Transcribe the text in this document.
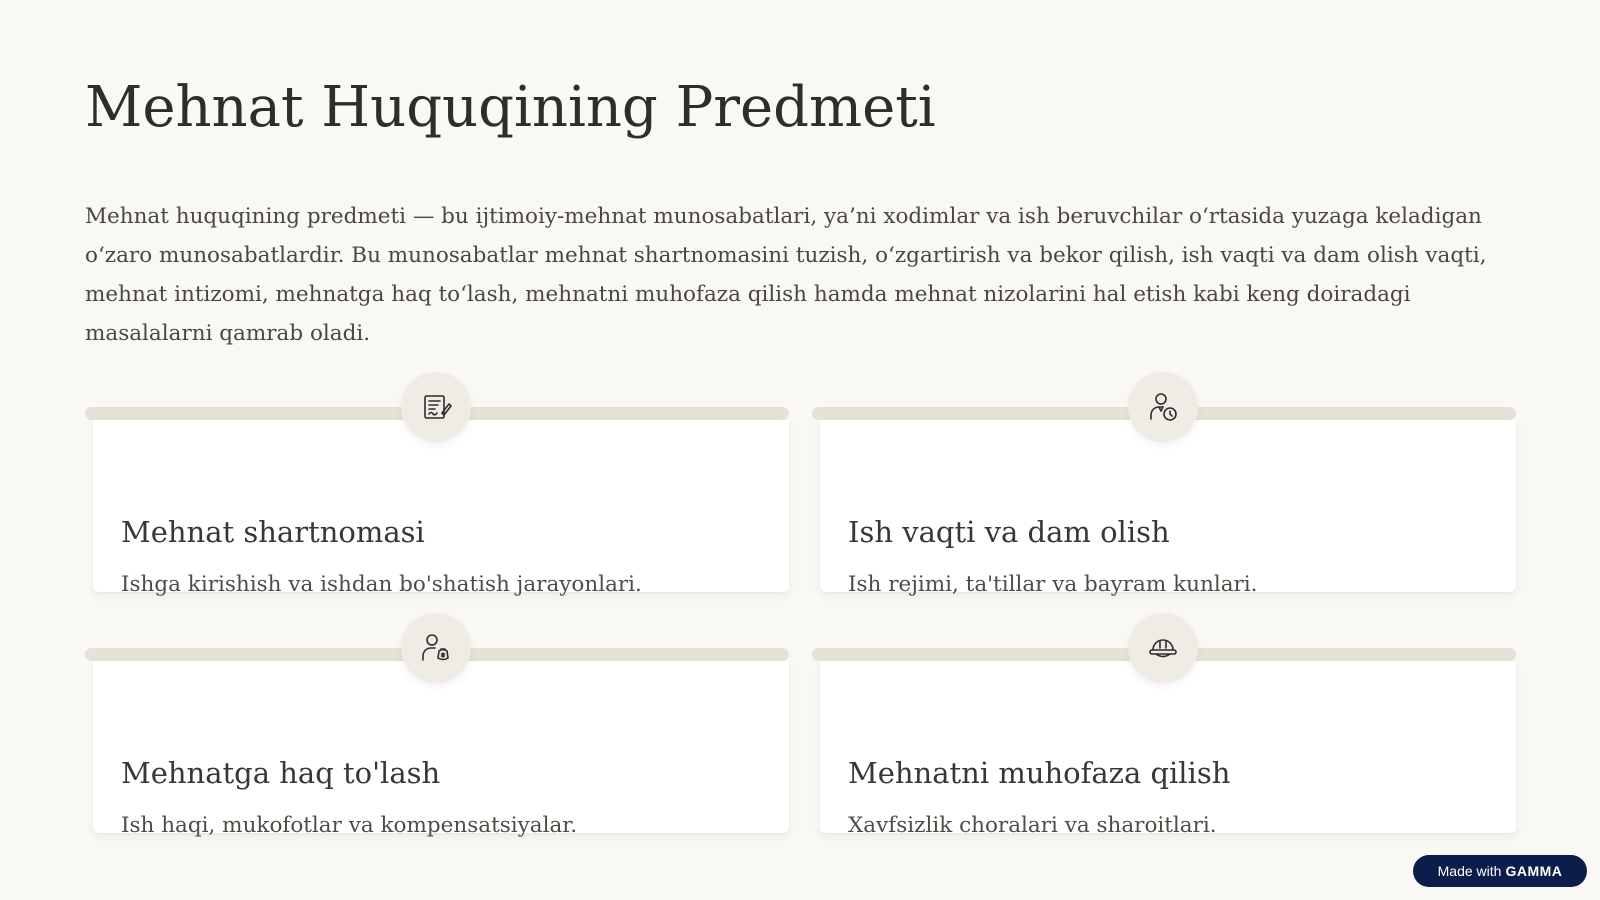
Mehnat Huquqining Predmeti

Mehnat huquqining predmeti — bu ijtimoiy-mehnat munosabatlari, ya’ni xodimlar va ish beruvchilar o‘rtasida yuzaga keladigan o‘zaro munosabatlardir. Bu munosabatlar mehnat shartnomasini tuzish, o‘zgartirish va bekor qilish, ish vaqti va dam olish vaqti, mehnat intizomi, mehnatga haq to‘lash, mehnatni muhofaza qilish hamda mehnat nizolarini hal etish kabi keng doiradagi masalalarni qamrab oladi.

Mehnat shartnomasi

Ishga kirishish va ishdan bo'shatish jarayonlari.

Ish vaqti va dam olish

Ish rejimi, ta'tillar va bayram kunlari.

Mehnatga haq to'lash

Ish haqi, mukofotlar va kompensatsiyalar.

Mehnatni muhofaza qilish

Xavfsizlik choralari va sharoitlari.

Made with GAMMA
